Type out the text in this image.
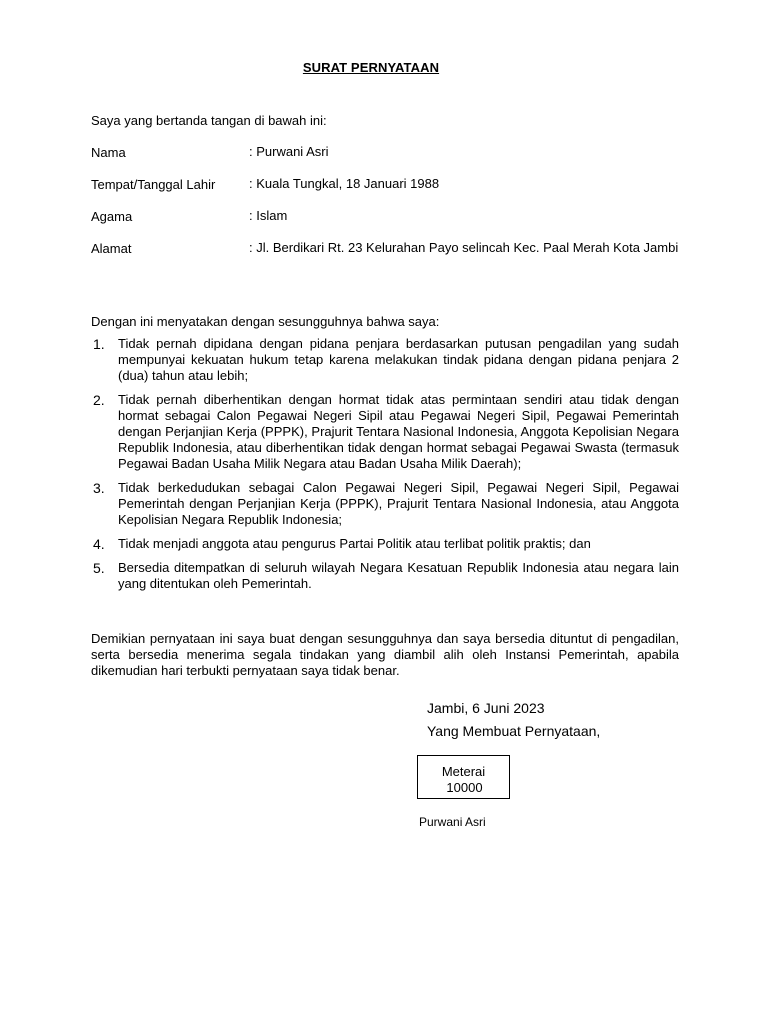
SURAT PERNYATAAN
Saya yang bertanda tangan di bawah ini:
Nama	: Purwani Asri
Tempat/Tanggal Lahir	: Kuala Tungkal, 18 Januari 1988
Agama	: Islam
Alamat	: Jl. Berdikari Rt. 23 Kelurahan Payo selincah Kec. Paal Merah Kota Jambi
Dengan ini menyatakan dengan sesungguhnya bahwa saya:
1. Tidak pernah dipidana dengan pidana penjara berdasarkan putusan pengadilan yang sudah mempunyai kekuatan hukum tetap karena melakukan tindak pidana dengan pidana penjara 2 (dua) tahun atau lebih;
2. Tidak pernah diberhentikan dengan hormat tidak atas permintaan sendiri atau tidak dengan hormat sebagai Calon Pegawai Negeri Sipil atau Pegawai Negeri Sipil, Pegawai Pemerintah dengan Perjanjian Kerja (PPPK), Prajurit Tentara Nasional Indonesia, Anggota Kepolisian Negara Republik Indonesia, atau diberhentikan tidak dengan hormat sebagai Pegawai Swasta (termasuk Pegawai Badan Usaha Milik Negara atau Badan Usaha Milik Daerah);
3. Tidak berkedudukan sebagai Calon Pegawai Negeri Sipil, Pegawai Negeri Sipil, Pegawai Pemerintah dengan Perjanjian Kerja (PPPK), Prajurit Tentara Nasional Indonesia, atau Anggota Kepolisian Negara Republik Indonesia;
4. Tidak menjadi anggota atau pengurus Partai Politik atau terlibat politik praktis; dan
5. Bersedia ditempatkan di seluruh wilayah Negara Kesatuan Republik Indonesia atau negara lain yang ditentukan oleh Pemerintah.
Demikian pernyataan ini saya buat dengan sesungguhnya dan saya bersedia dituntut di pengadilan, serta bersedia menerima segala tindakan yang diambil alih oleh Instansi Pemerintah, apabila dikemudian hari terbukti pernyataan saya tidak benar.
Jambi, 6 Juni 2023
Yang Membuat Pernyataan,
Meterai
10000
Purwani Asri
